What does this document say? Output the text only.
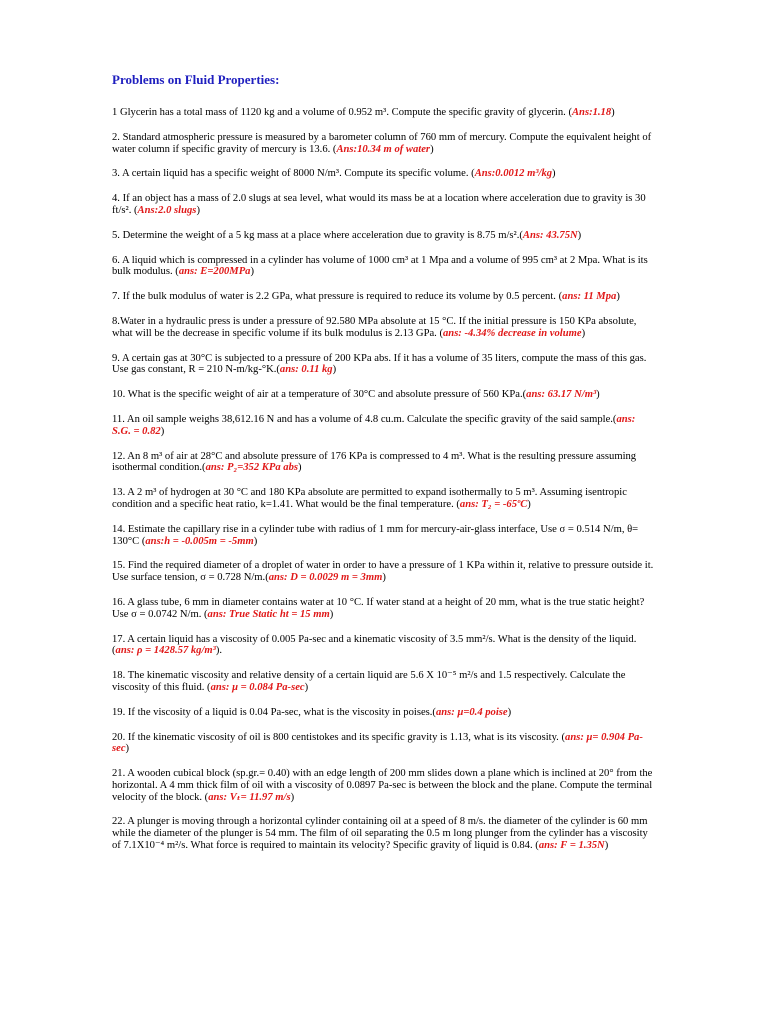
Problems on Fluid Properties:
1 Glycerin has a total mass of 1120 kg and a volume of 0.952 m³. Compute the specific gravity of glycerin. (Ans:1.18)
2. Standard atmospheric pressure is measured by a barometer column of 760 mm of mercury. Compute the equivalent height of water column if specific gravity of mercury is 13.6. (Ans:10.34 m of water)
3. A certain liquid has a specific weight of 8000 N/m³. Compute its specific volume. (Ans:0.0012 m³/kg)
4. If an object has a mass of 2.0 slugs at sea level, what would its mass be at a location where acceleration due to gravity is 30 ft/s². (Ans:2.0 slugs)
5. Determine the weight of a 5 kg mass at a place where acceleration due to gravity is 8.75 m/s².(Ans: 43.75N)
6. A liquid which is compressed in a cylinder has volume of 1000 cm³ at 1 Mpa and a volume of 995 cm³ at 2 Mpa. What is its bulk modulus. (ans: E=200MPa)
7. If the bulk modulus of water is 2.2 GPa, what pressure is required to reduce its volume by 0.5 percent. (ans: 11 Mpa)
8.Water in a hydraulic press is under a pressure of 92.580 MPa absolute at 15 °C. If the initial pressure is 150 KPa absolute, what will be the decrease in specific volume if its bulk modulus is 2.13 GPa. (ans: -4.34% decrease in volume)
9. A certain gas at 30°C is subjected to a pressure of 200 KPa abs. If it has a volume of 35 liters, compute the mass of this gas. Use gas constant, R = 210 N-m/kg-°K.(ans: 0.11 kg)
10. What is the specific weight of air at a temperature of 30°C and absolute pressure of 560 KPa.(ans: 63.17 N/m³)
11. An oil sample weighs 38,612.16 N and has a volume of 4.8 cu.m. Calculate the specific gravity of the said sample.(ans: S.G. = 0.82)
12. An 8 m³ of air at 28°C and absolute pressure of 176 KPa is compressed to 4 m³. What is the resulting pressure assuming isothermal condition.(ans: P₂=352 KPa abs)
13. A 2 m³ of hydrogen at 30 °C and 180 KPa absolute are permitted to expand isothermally to 5 m³. Assuming isentropic condition and a specific heat ratio, k=1.41. What would be the final temperature. (ans: T₂ = -65ºC)
14. Estimate the capillary rise in a cylinder tube with radius of 1 mm for mercury-air-glass interface, Use σ = 0.514 N/m, θ= 130°C (ans:h = -0.005m = -5mm)
15. Find the required diameter of a droplet of water in order to have a pressure of 1 KPa within it, relative to pressure outside it. Use surface tension, σ = 0.728 N/m.(ans: D = 0.0029 m = 3mm)
16. A glass tube, 6 mm in diameter contains water at 10 °C. If water stand at a height of 20 mm, what is the true static height? Use σ = 0.0742 N/m. (ans: True Static ht = 15 mm)
17. A certain liquid has a viscosity of 0.005 Pa-sec and a kinematic viscosity of 3.5 mm²/s. What is the density of the liquid. (ans: ρ = 1428.57 kg/m³).
18. The kinematic viscosity and relative density of a certain liquid are 5.6 X 10⁻⁵ m²/s and 1.5 respectively. Calculate the viscosity of this fluid. (ans: μ = 0.084 Pa-sec)
19. If the viscosity of a liquid is 0.04 Pa-sec, what is the viscosity in poises.(ans: μ=0.4 poise)
20. If the kinematic viscosity of oil is 800 centistokes and its specific gravity is 1.13, what is its viscosity. (ans: μ= 0.904 Pa-sec)
21. A wooden cubical block (sp.gr.= 0.40) with an edge length of 200 mm slides down a plane which is inclined at 20° from the horizontal. A 4 mm thick film of oil with a viscosity of 0.0897 Pa-sec is between the block and the plane. Compute the terminal velocity of the block. (ans: Vₜ= 11.97 m/s)
22. A plunger is moving through a horizontal cylinder containing oil at a speed of 8 m/s. the diameter of the cylinder is 60 mm while the diameter of the plunger is 54 mm. The film of oil separating the 0.5 m long plunger from the cylinder has a viscosity of 7.1X10⁻⁴ m²/s. What force is required to maintain its velocity? Specific gravity of liquid is 0.84. (ans: F = 1.35N)
